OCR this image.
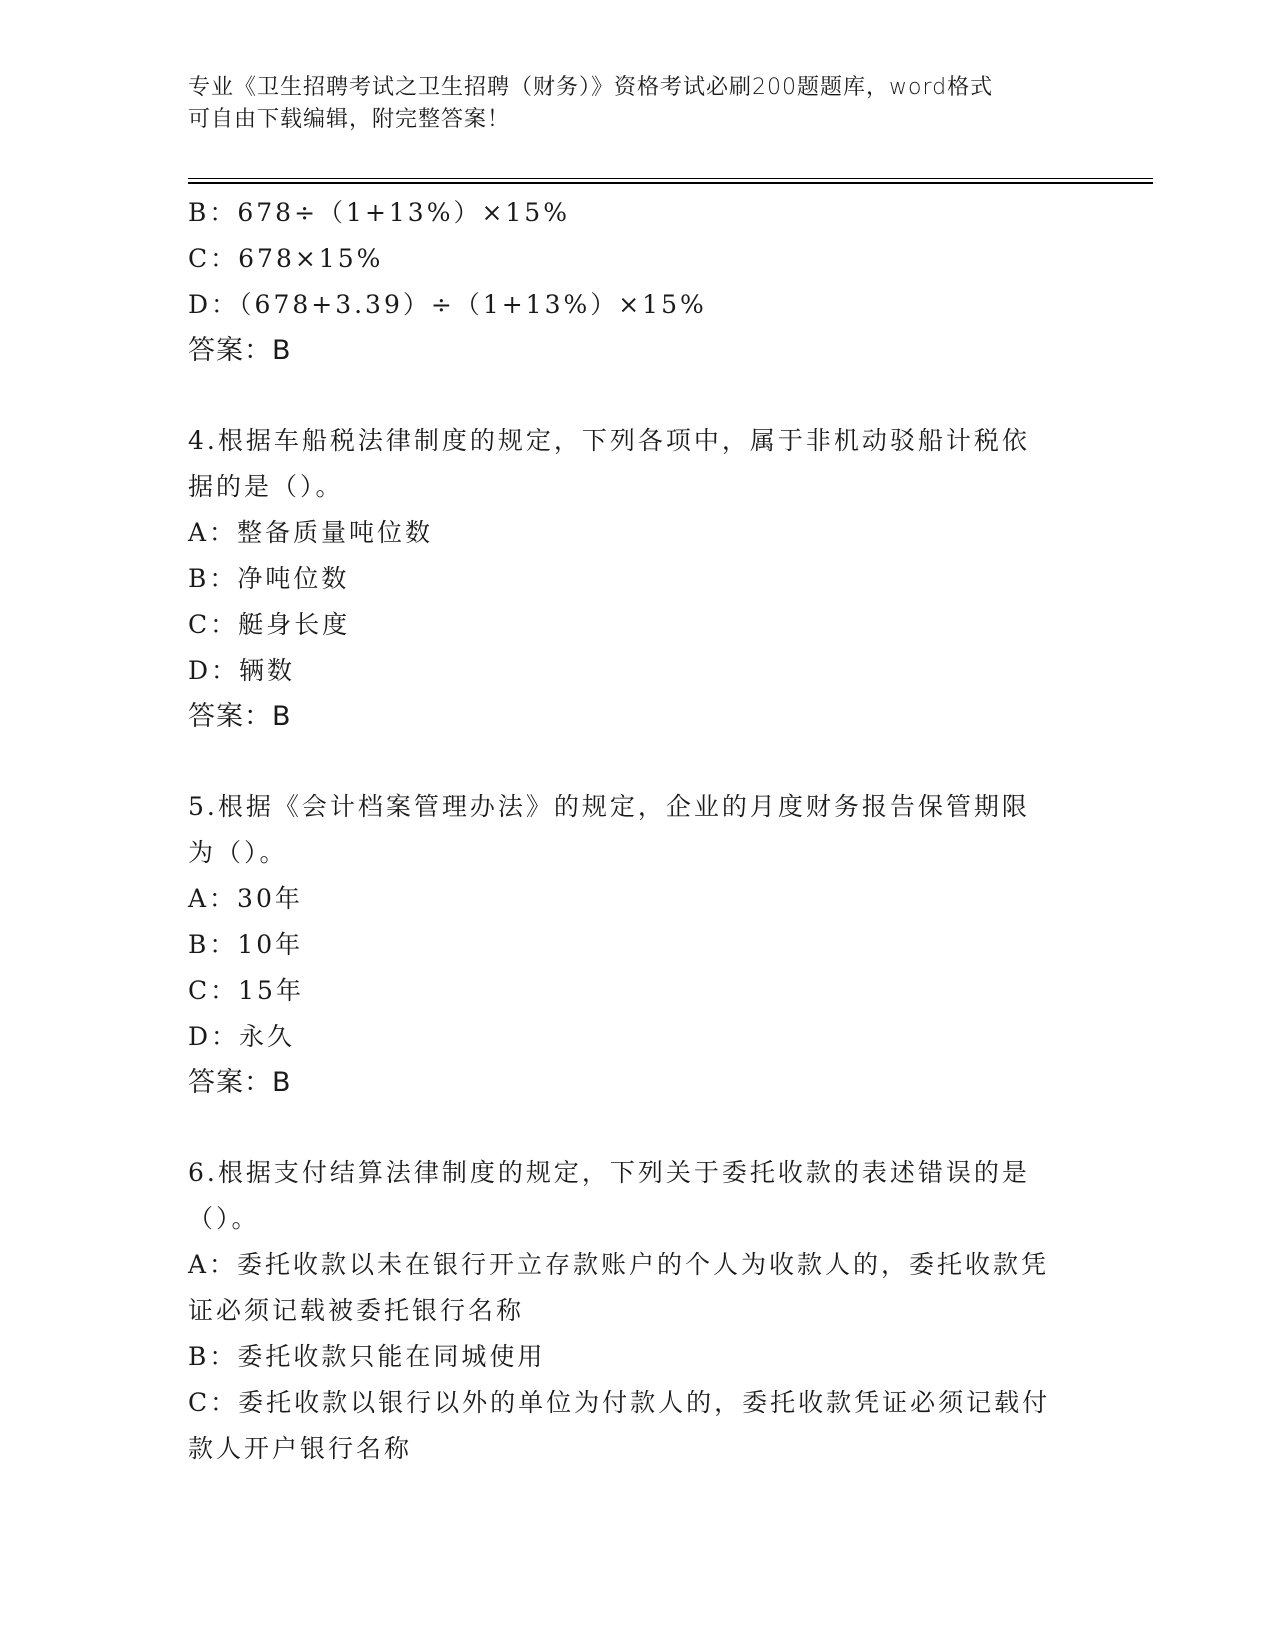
专业《卫生招聘考试之卫生招聘（财务）》资格考试必刷200题题库，word格式
可自由下载编辑，附完整答案！
B：678÷（1+13%）×15%
C：678×15%
D：（678+3.39）÷（1+13%）×15%
答案：B
4.根据车船税法律制度的规定，下列各项中，属于非机动驳船计税依
据的是（）。
A：整备质量吨位数
B：净吨位数
C：艇身长度
D：辆数
答案：B
5.根据《会计档案管理办法》的规定，企业的月度财务报告保管期限
为（）。
A：30年
B：10年
C：15年
D：永久
答案：B
6.根据支付结算法律制度的规定，下列关于委托收款的表述错误的是
（）。
A：委托收款以未在银行开立存款账户的个人为收款人的，委托收款凭
证必须记载被委托银行名称
B：委托收款只能在同城使用
C：委托收款以银行以外的单位为付款人的，委托收款凭证必须记载付
款人开户银行名称
